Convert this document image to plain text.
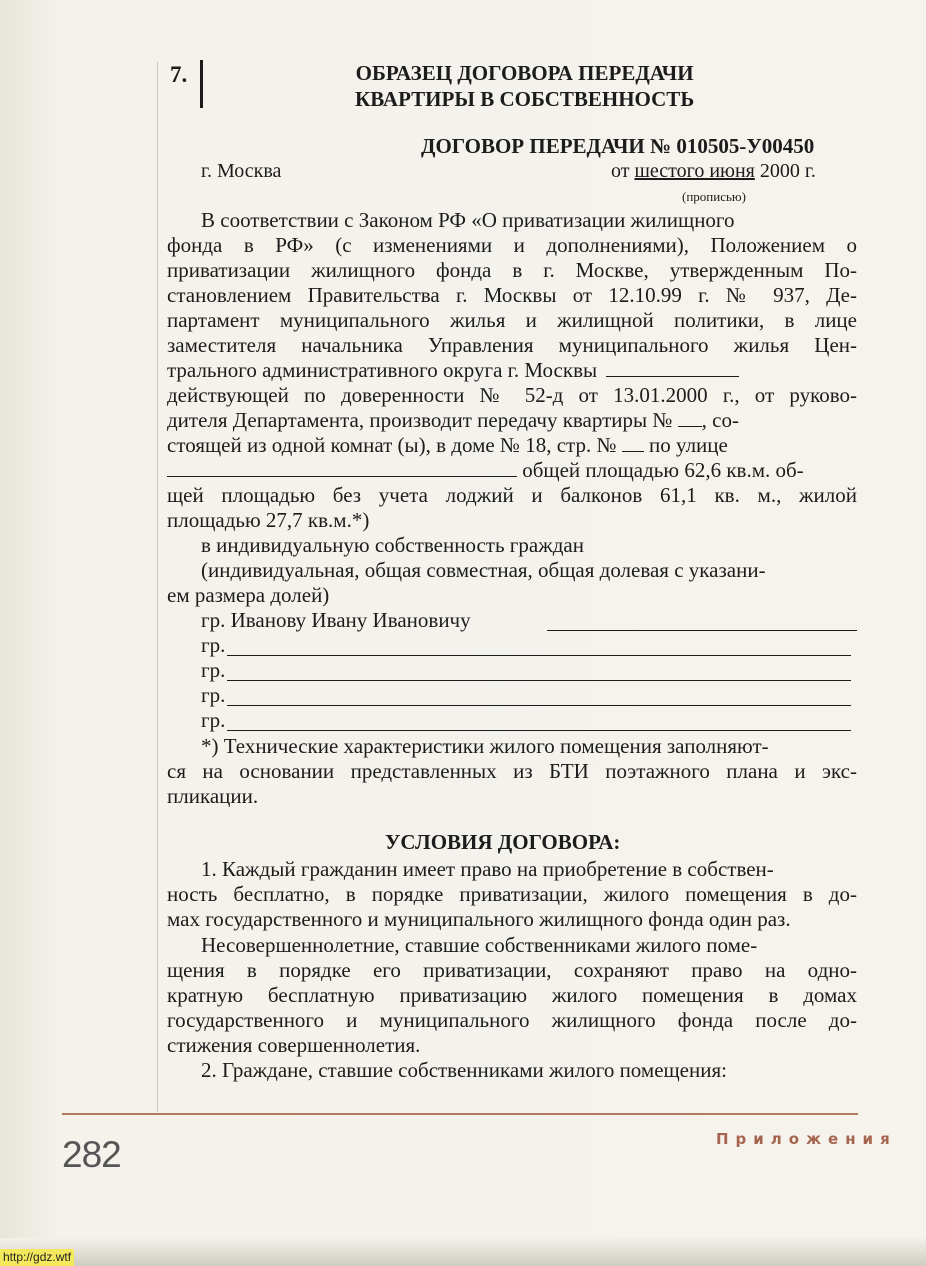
7.	ОБРАЗЕЦ ДОГОВОРА ПЕРЕДАЧИ
КВАРТИРЫ В СОБСТВЕННОСТЬ
ДОГОВОР ПЕРЕДАЧИ № 010505-У00450
г. Москва	от шестого июня 2000 г.
(прописью)
В соответствии с Законом РФ «О приватизации жилищного
фонда в РФ» (с изменениями и дополнениями), Положением о
приватизации жилищного фонда в г. Москве, утвержденным По-
становлением Правительства г. Москвы от 12.10.99 г. № 937, Де-
партамент муниципального жилья и жилищной политики, в лице
заместителя начальника Управления муниципального жилья Цен-
трального административного округа г. Москвы
действующей по доверенности № 52-д от 13.01.2000 г., от руково-
дителя Департамента, производит передачу квартиры № , со-
стоящей из одной комнат (ы), в доме № 18, стр. № по улице
общей площадью 62,6 кв.м. об-
щей площадью без учета лоджий и балконов 61,1 кв. м., жилой
площадью 27,7 кв.м.*)
в индивидуальную собственность граждан
(индивидуальная, общая совместная, общая долевая с указани-
ем размера долей)
гр. Иванову Ивану Ивановичу
гр.
гр.
гр.
гр.
*) Технические характеристики жилого помещения заполняют-
ся на основании представленных из БТИ поэтажного плана и экс-
пликации.
УСЛОВИЯ ДОГОВОРА:
1. Каждый гражданин имеет право на приобретение в собствен-
ность бесплатно, в порядке приватизации, жилого помещения в до-
мах государственного и муниципального жилищного фонда один раз.
Несовершеннолетние, ставшие собственниками жилого поме-
щения в порядке его приватизации, сохраняют право на одно-
кратную бесплатную приватизацию жилого помещения в домах
государственного и муниципального жилищного фонда после до-
стижения совершеннолетия.
2. Граждане, ставшие собственниками жилого помещения:
282	Приложения
http://gdz.wtf
